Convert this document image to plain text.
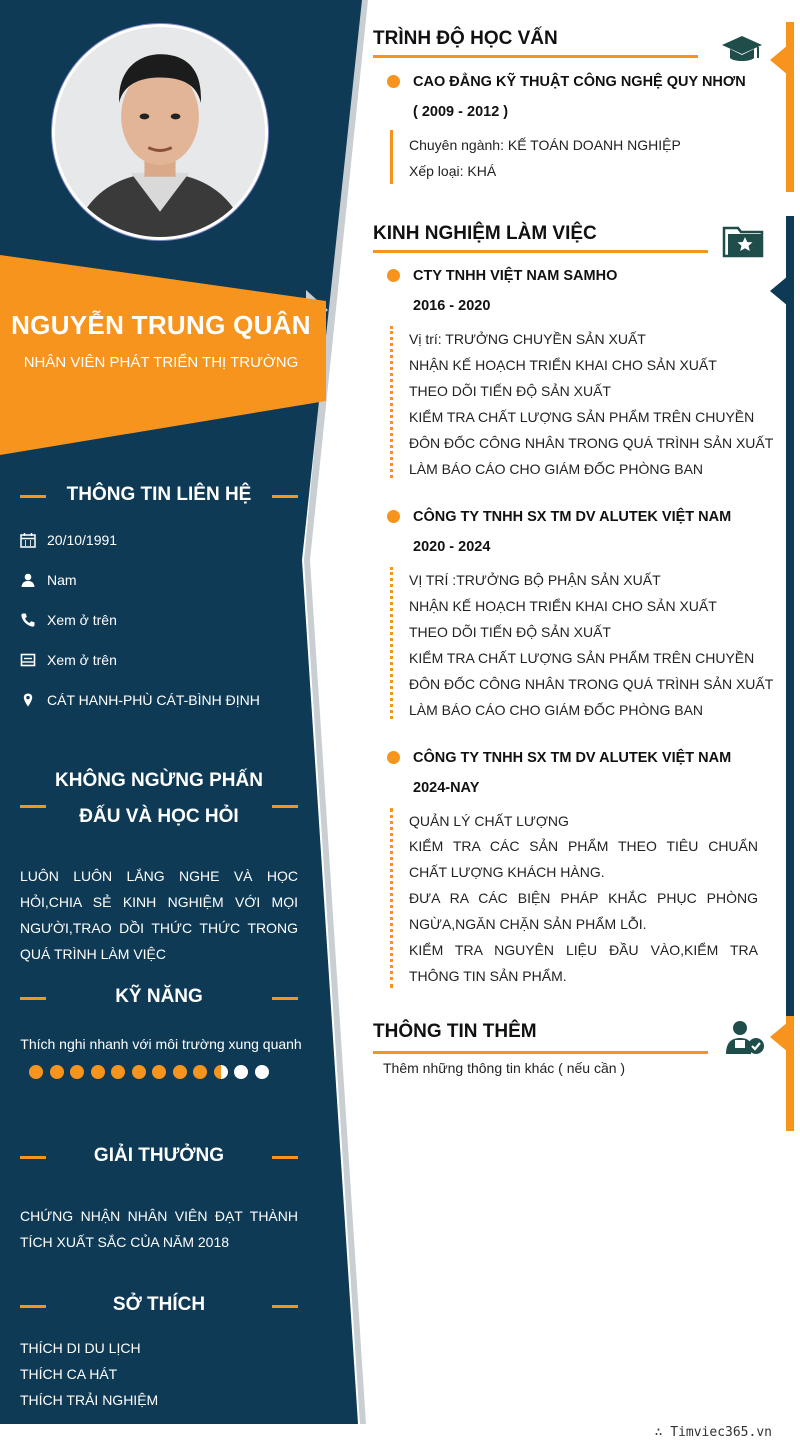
NGUYỄN TRUNG QUÂN
NHÂN VIÊN PHÁT TRIỂN THỊ TRƯỜNG
THÔNG TIN LIÊN HỆ
20/10/1991
Nam
Xem ở trên
Xem ở trên
CÁT HANH-PHÙ CÁT-BÌNH ĐỊNH
KHÔNG NGỪNG PHẤN
ĐẤU VÀ HỌC HỎI
LUÔN LUÔN LẮNG NGHE VÀ HỌC HỎI,CHIA SẺ KINH NGHIỆM VỚI MỌI NGƯỜI,TRAO DỒI THỨC THỨC TRONG QUÁ TRÌNH LÀM VIỆC
KỸ NĂNG
Thích nghi nhanh với môi trường xung quanh
GIẢI THƯỞNG
CHỨNG NHẬN NHÂN VIÊN ĐẠT THÀNH TÍCH XUẤT SẮC CỦA NĂM 2018
SỞ THÍCH
THÍCH DI DU LỊCH
THÍCH CA HÁT
THÍCH TRẢI NGHIỆM
TRÌNH ĐỘ HỌC VẤN
CAO ĐẲNG KỸ THUẬT CÔNG NGHỆ QUY NHƠN
( 2009 - 2012 )
Chuyên ngành: KẾ TOÁN DOANH NGHIỆP
Xếp loại: KHÁ
KINH NGHIỆM LÀM VIỆC
CTY TNHH VIỆT NAM SAMHO
2016 - 2020
Vị trí: TRƯỞNG CHUYỀN SẢN XUẤT
NHẬN KẾ HOẠCH TRIỂN KHAI CHO SẢN XUẤT
THEO DÕI TIẾN ĐỘ SẢN XUẤT
KIỂM TRA CHẤT LƯỢNG SẢN PHẨM TRÊN CHUYỀN
ĐÔN ĐỐC CÔNG NHÂN TRONG QUÁ TRÌNH SẢN XUẤT
LÀM BÁO CÁO CHO GIÁM ĐỐC PHÒNG BAN
CÔNG TY TNHH SX TM DV ALUTEK VIỆT NAM
2020 - 2024
VỊ TRÍ :TRƯỞNG BỘ PHẬN SẢN XUẤT
NHẬN KẾ HOẠCH TRIỂN KHAI CHO SẢN XUẤT
THEO DÕI TIẾN ĐỘ SẢN XUẤT
KIỂM TRA CHẤT LƯỢNG SẢN PHẨM TRÊN CHUYỀN
ĐÔN ĐỐC CÔNG NHÂN TRONG QUÁ TRÌNH SẢN XUẤT
LÀM BÁO CÁO CHO GIÁM ĐỐC PHÒNG BAN
CÔNG TY TNHH SX TM DV ALUTEK VIỆT NAM
2024-NAY
QUẢN LÝ CHẤT LƯỢNG
KIỂM TRA CÁC SẢN PHẨM THEO TIÊU CHUẨN CHẤT LƯỢNG KHÁCH HÀNG.
ĐƯA RA CÁC BIỆN PHÁP KHẮC PHỤC PHÒNG NGỪA,NGĂN CHẶN SẢN PHẨM LỖI.
KIỂM TRA NGUYÊN LIỆU ĐẦU VÀO,KIỂM TRA THÔNG TIN SẢN PHẨM.
THÔNG TIN THÊM
Thêm những thông tin khác ( nếu cần )
∴ Timviec365.vn
